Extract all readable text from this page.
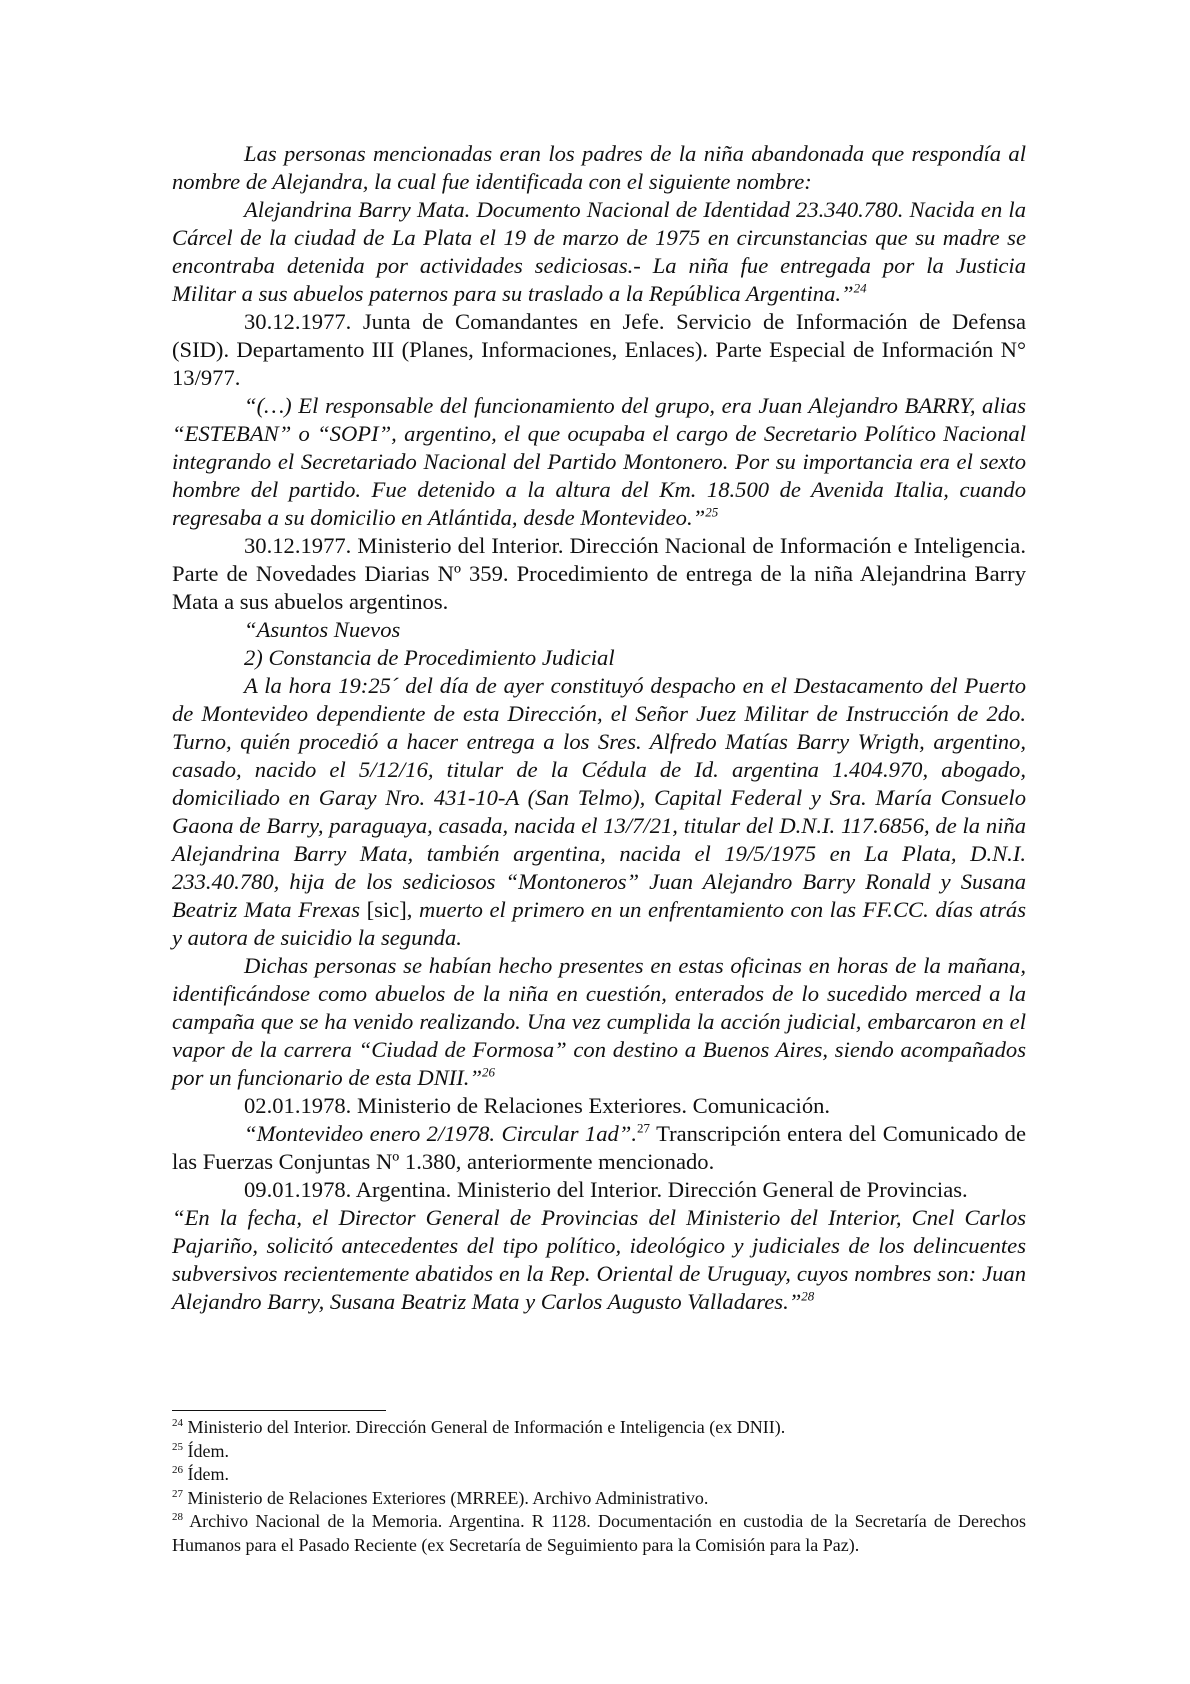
Las personas mencionadas eran los padres de la niña abandonada que respondía al nombre de Alejandra, la cual fue identificada con el siguiente nombre:

Alejandrina Barry Mata. Documento Nacional de Identidad 23.340.780. Nacida en la Cárcel de la ciudad de La Plata el 19 de marzo de 1975 en circunstancias que su madre se encontraba detenida por actividades sediciosas.- La niña fue entregada por la Justicia Militar a sus abuelos paternos para su traslado a la República Argentina.”$^{24}$

30.12.1977. Junta de Comandantes en Jefe. Servicio de Información de Defensa (SID). Departamento III (Planes, Informaciones, Enlaces). Parte Especial de Información N° 13/977.

“(…) El responsable del funcionamiento del grupo, era Juan Alejandro BARRY, alias “ESTEBAN” o “SOPI”, argentino, el que ocupaba el cargo de Secretario Político Nacional integrando el Secretariado Nacional del Partido Montonero. Por su importancia era el sexto hombre del partido. Fue detenido a la altura del Km. 18.500 de Avenida Italia, cuando regresaba a su domicilio en Atlántida, desde Montevideo.”$^{25}$

30.12.1977. Ministerio del Interior. Dirección Nacional de Información e Inteligencia. Parte de Novedades Diarias Nº 359. Procedimiento de entrega de la niña Alejandrina Barry Mata a sus abuelos argentinos.

“Asuntos Nuevos

2) Constancia de Procedimiento Judicial

A la hora 19:25´ del día de ayer constituyó despacho en el Destacamento del Puerto de Montevideo dependiente de esta Dirección, el Señor Juez Militar de Instrucción de 2do. Turno, quién procedió a hacer entrega a los Sres. Alfredo Matías Barry Wrigth, argentino, casado, nacido el 5/12/16, titular de la Cédula de Id. argentina 1.404.970, abogado, domiciliado en Garay Nro. 431-10-A (San Telmo), Capital Federal y Sra. María Consuelo Gaona de Barry, paraguaya, casada, nacida el 13/7/21, titular del D.N.I. 117.6856, de la niña Alejandrina Barry Mata, también argentina, nacida el 19/5/1975 en La Plata, D.N.I. 233.40.780, hija de los sediciosos “Montoneros” Juan Alejandro Barry Ronald y Susana Beatriz Mata Frexas [sic], muerto el primero en un enfrentamiento con las FF.CC. días atrás y autora de suicidio la segunda.

Dichas personas se habían hecho presentes en estas oficinas en horas de la mañana, identificándose como abuelos de la niña en cuestión, enterados de lo sucedido merced a la campaña que se ha venido realizando. Una vez cumplida la acción judicial, embarcaron en el vapor de la carrera “Ciudad de Formosa” con destino a Buenos Aires, siendo acompañados por un funcionario de esta DNII.”$^{26}$

02.01.1978. Ministerio de Relaciones Exteriores. Comunicación.

“Montevideo enero 2/1978. Circular 1ad”.$^{27}$ Transcripción entera del Comunicado de las Fuerzas Conjuntas Nº 1.380, anteriormente mencionado.

09.01.1978. Argentina. Ministerio del Interior. Dirección General de Provincias.

“En la fecha, el Director General de Provincias del Ministerio del Interior, Cnel Carlos Pajariño, solicitó antecedentes del tipo político, ideológico y judiciales de los delincuentes subversivos recientemente abatidos en la Rep. Oriental de Uruguay, cuyos nombres son: Juan Alejandro Barry, Susana Beatriz Mata y Carlos Augusto Valladares.”$^{28}$

$^{24}$ Ministerio del Interior. Dirección General de Información e Inteligencia (ex DNII).

$^{25}$ Ídem.

$^{26}$ Ídem.

$^{27}$ Ministerio de Relaciones Exteriores (MRREE). Archivo Administrativo.

$^{28}$ Archivo Nacional de la Memoria. Argentina. R 1128. Documentación en custodia de la Secretaría de Derechos Humanos para el Pasado Reciente (ex Secretaría de Seguimiento para la Comisión para la Paz).
